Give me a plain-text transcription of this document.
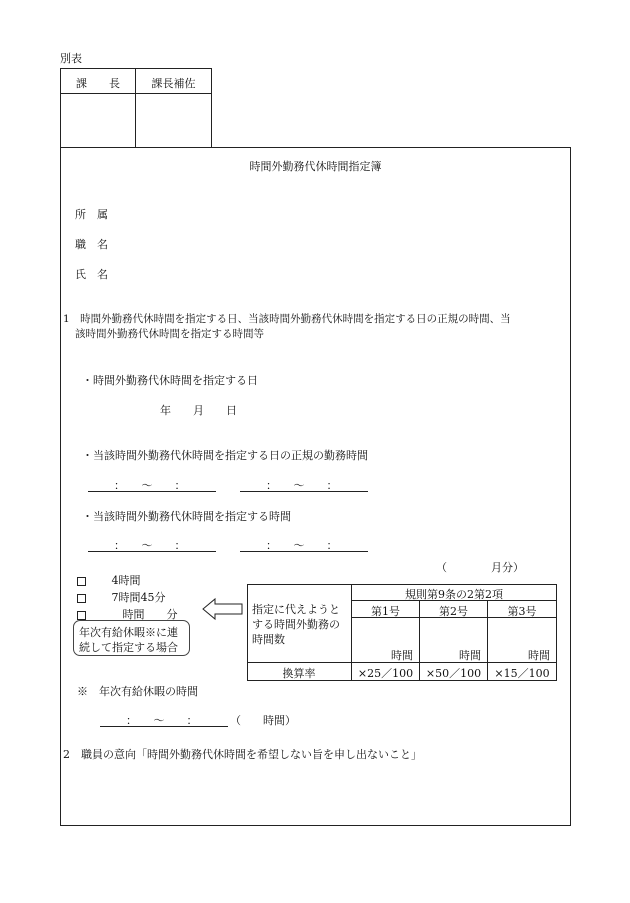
別表
課　　長	課長補佐
時間外勤務代休時間指定簿
所　属
職　名
氏　名
1　時間外勤務代休時間を指定する日、当該時間外勤務代休時間を指定する日の正規の時間、当
該時間外勤務代休時間を指定する時間等
・時間外勤務代休時間を指定する日
年　　月　　日
・当該時間外勤務代休時間を指定する日の正規の勤務時間
：　　〜　　：	：　　〜　　：
・当該時間外勤務代休時間を指定する時間
：　　〜　　：	：　　〜　　：
（　　　　月分）
4時間
7時間45分
　時間　　分
年次有給休暇※に連
続して指定する場合
指定に代えようと
する時間外勤務の
時間数
規則第9条の2第2項
第1号	第2号	第3号
時間	時間	時間
換算率	×25／100	×50／100	×15／100
※　年次有給休暇の時間
：　　〜　　：	（　　時間）
2　職員の意向「時間外勤務代休時間を希望しない旨を申し出ないこと」
